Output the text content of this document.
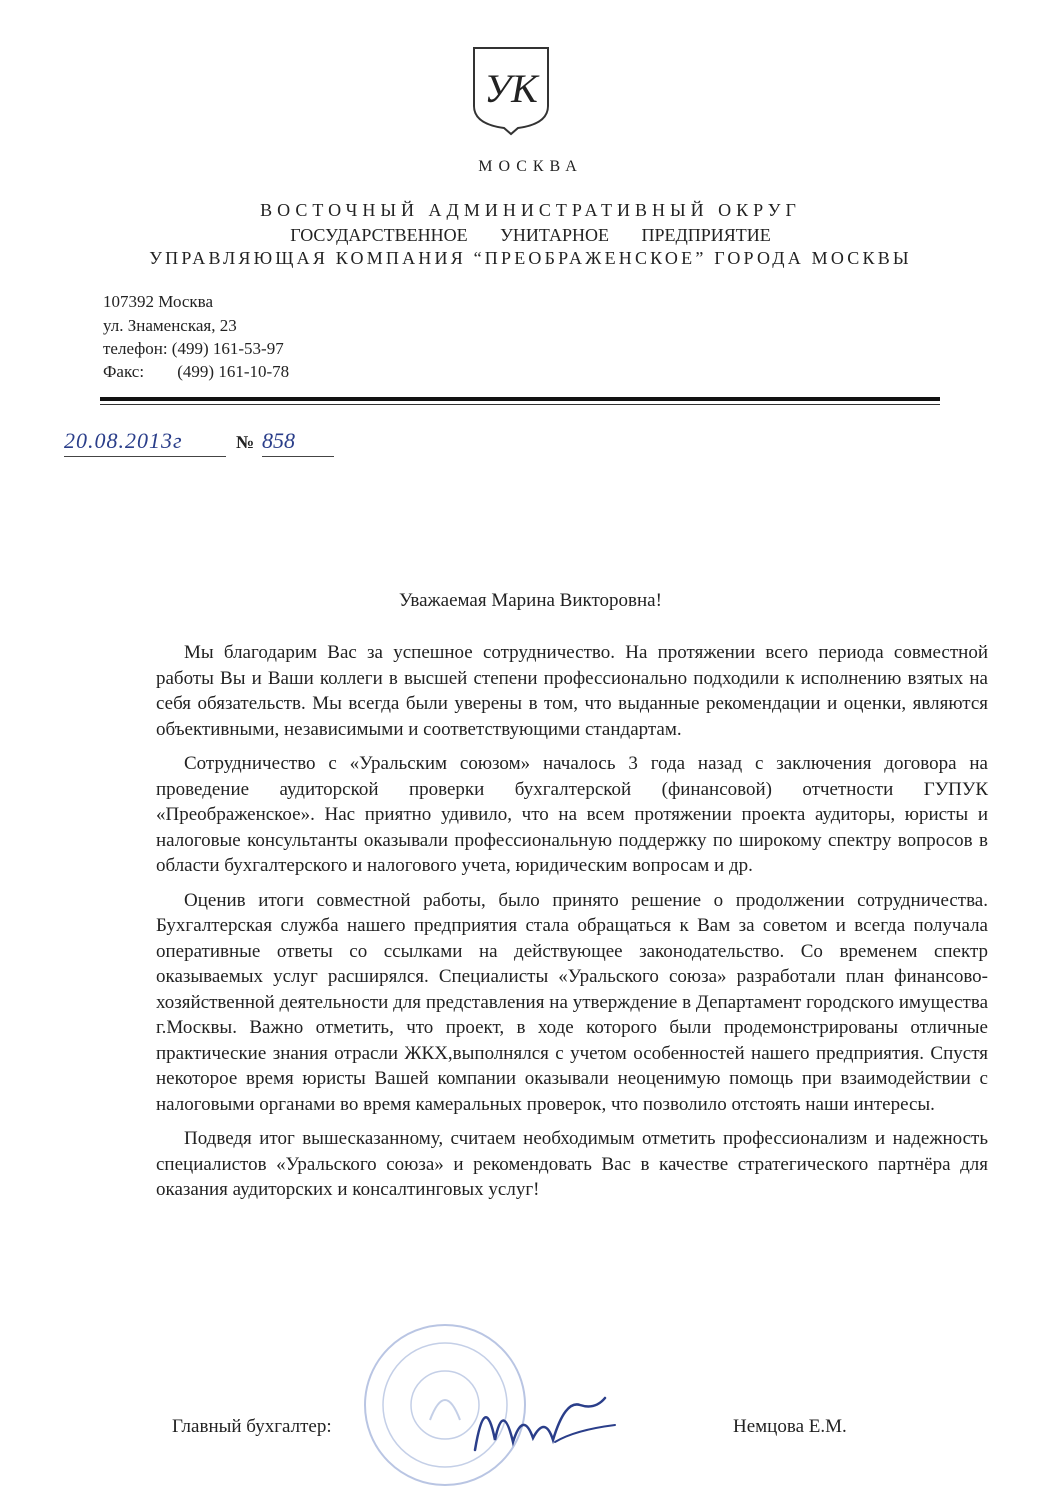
УК
МОСКВА
ВОСТОЧНЫЙ АДМИНИСТРАТИВНЫЙ ОКРУГ
ГОСУДАРСТВЕННОЕ УНИТАРНОЕ ПРЕДПРИЯТИЕ
УПРАВЛЯЮЩАЯ КОМПАНИЯ “ПРЕОБРАЖЕНСКОЕ” ГОРОДА МОСКВЫ
107392 Москва
ул. Знаменская, 23
телефон: (499) 161-53-97
Факс: (499) 161-10-78
20.08.2013г	№ 858
Уважаемая Марина Викторовна!

Мы благодарим Вас за успешное сотрудничество. На протяжении всего периода совместной работы Вы и Ваши коллеги в высшей степени профессионально подходили к исполнению взятых на себя обязательств. Мы всегда были уверены в том, что выданные рекомендации и оценки, являются объективными, независимыми и соответствующими стандартам.

Сотрудничество с «Уральским союзом» началось 3 года назад с заключения договора на проведение аудиторской проверки бухгалтерской (финансовой) отчетности ГУПУК «Преображенское». Нас приятно удивило, что на всем протяжении проекта аудиторы, юристы и налоговые консультанты оказывали профессиональную поддержку по широкому спектру вопросов в области бухгалтерского и налогового учета, юридическим вопросам и др.

Оценив итоги совместной работы, было принято решение о продолжении сотрудничества. Бухгалтерская служба нашего предприятия стала обращаться к Вам за советом и всегда получала оперативные ответы со ссылками на действующее законодательство. Со временем спектр оказываемых услуг расширялся. Специалисты «Уральского союза» разработали план финансово-хозяйственной деятельности для представления на утверждение в Департамент городского имущества г.Москвы. Важно отметить, что проект, в ходе которого были продемонстрированы отличные практические знания отрасли ЖКХ,выполнялся с учетом особенностей нашего предприятия. Спустя некоторое время юристы Вашей компании оказывали неоценимую помощь при взаимодействии с налоговыми органами во время камеральных проверок, что позволило отстоять наши интересы.

Подведя итог вышесказанному, считаем необходимым отметить профессионализм и надежность специалистов «Уральского союза» и рекомендовать Вас в качестве стратегического партнёра для оказания аудиторских и консалтинговых услуг!

Главный бухгалтер:	Немцова Е.М.
